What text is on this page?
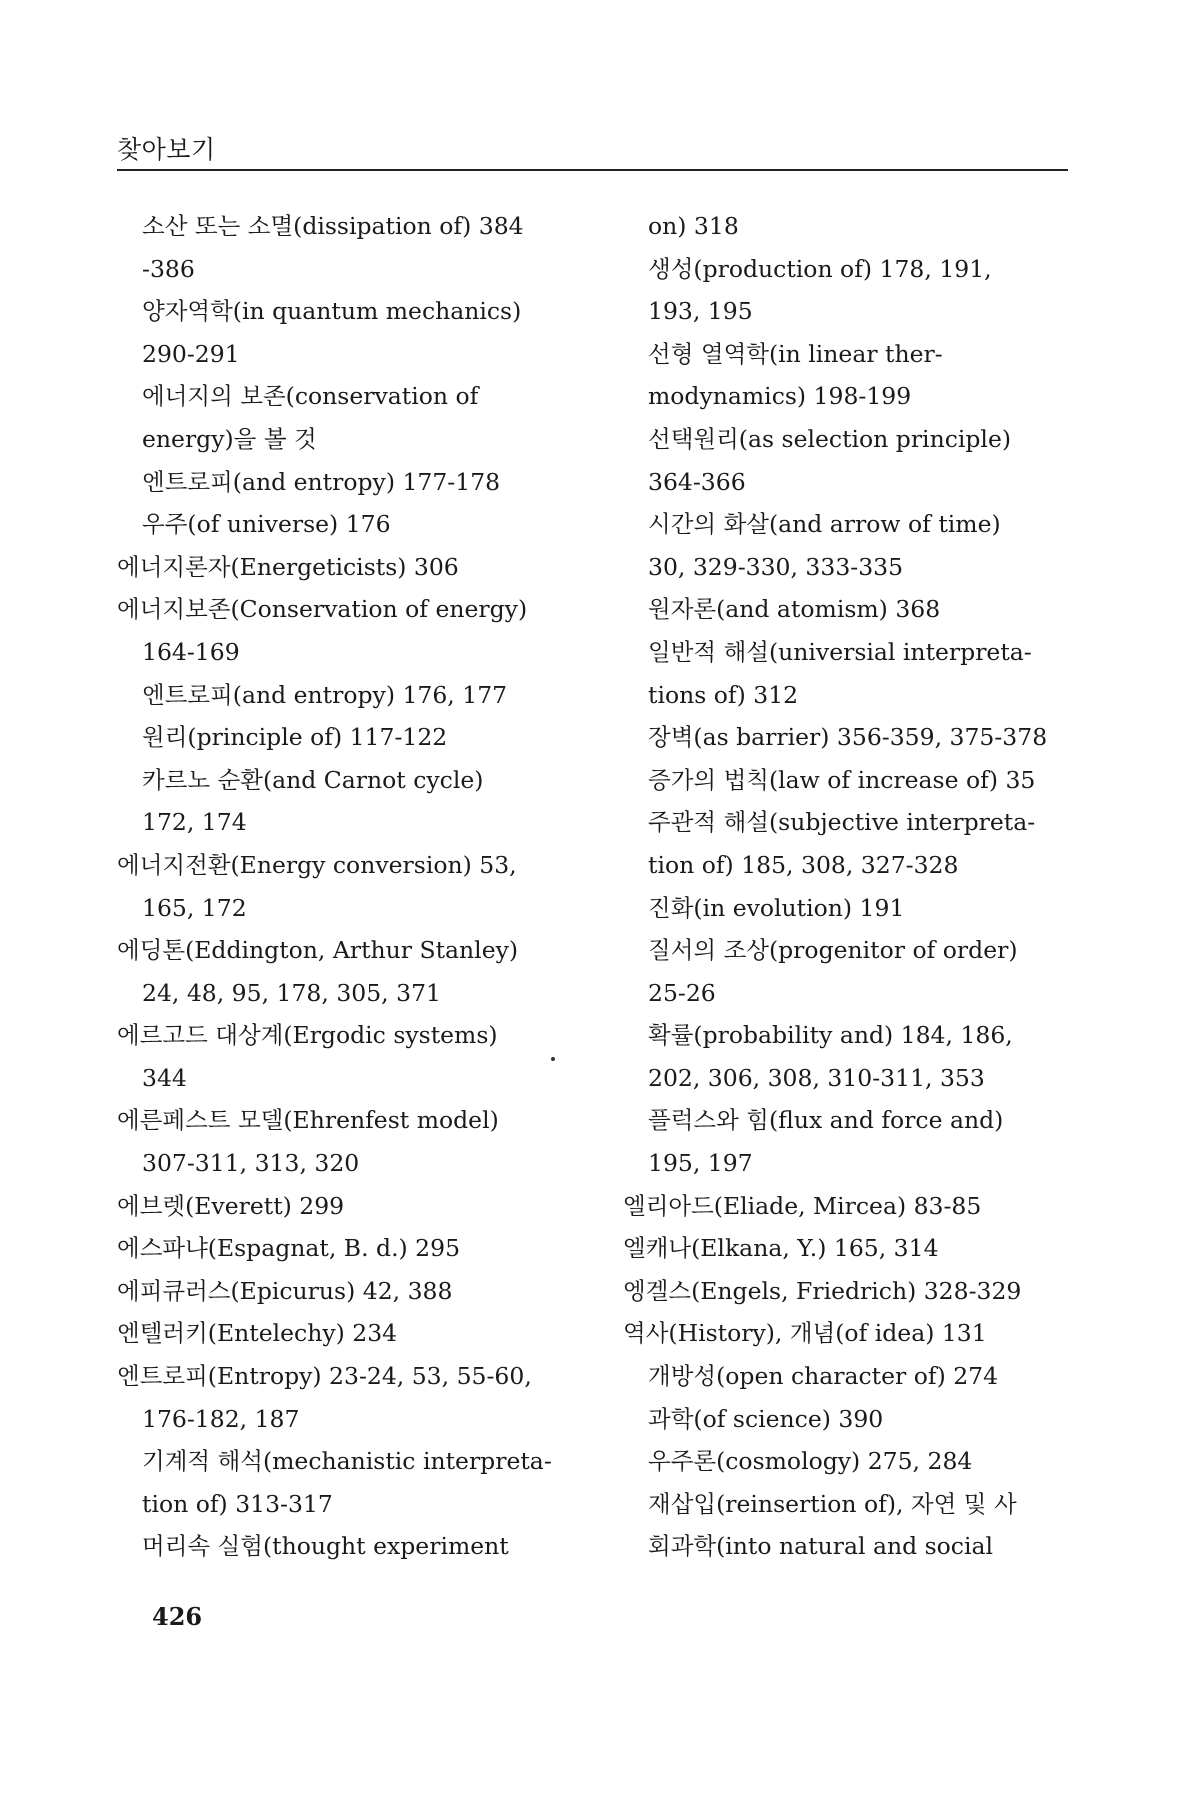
찾아보기
소산 또는 소멸(dissipation of) 384
-386
양자역학(in quantum mechanics)
290-291
에너지의 보존(conservation of
energy)을 볼 것
엔트로피(and entropy) 177-178
우주(of universe) 176
에너지론자(Energeticists) 306
에너지보존(Conservation of energy)
164-169
엔트로피(and entropy) 176, 177
원리(principle of) 117-122
카르노 순환(and Carnot cycle)
172, 174
에너지전환(Energy conversion) 53,
165, 172
에딩톤(Eddington, Arthur Stanley)
24, 48, 95, 178, 305, 371
에르고드 대상계(Ergodic systems)
344
에른페스트 모델(Ehrenfest model)
307-311, 313, 320
에브렛(Everett) 299
에스파냐(Espagnat, B. d.) 295
에피큐러스(Epicurus) 42, 388
엔텔러키(Entelechy) 234
엔트로피(Entropy) 23-24, 53, 55-60,
176-182, 187
기계적 해석(mechanistic interpreta-
tion of) 313-317
머리속 실험(thought experiment
on) 318
생성(production of) 178, 191,
193, 195
선형 열역학(in linear ther-
modynamics) 198-199
선택원리(as selection principle)
364-366
시간의 화살(and arrow of time)
30, 329-330, 333-335
원자론(and atomism) 368
일반적 해설(universial interpreta-
tions of) 312
장벽(as barrier) 356-359, 375-378
증가의 법칙(law of increase of) 35
주관적 해설(subjective interpreta-
tion of) 185, 308, 327-328
진화(in evolution) 191
질서의 조상(progenitor of order)
25-26
확률(probability and) 184, 186,
202, 306, 308, 310-311, 353
플럭스와 힘(flux and force and)
195, 197
엘리아드(Eliade, Mircea) 83-85
엘캐나(Elkana, Y.) 165, 314
엥겔스(Engels, Friedrich) 328-329
역사(History), 개념(of idea) 131
개방성(open character of) 274
과학(of science) 390
우주론(cosmology) 275, 284
재삽입(reinsertion of), 자연 및 사
회과학(into natural and social
426
